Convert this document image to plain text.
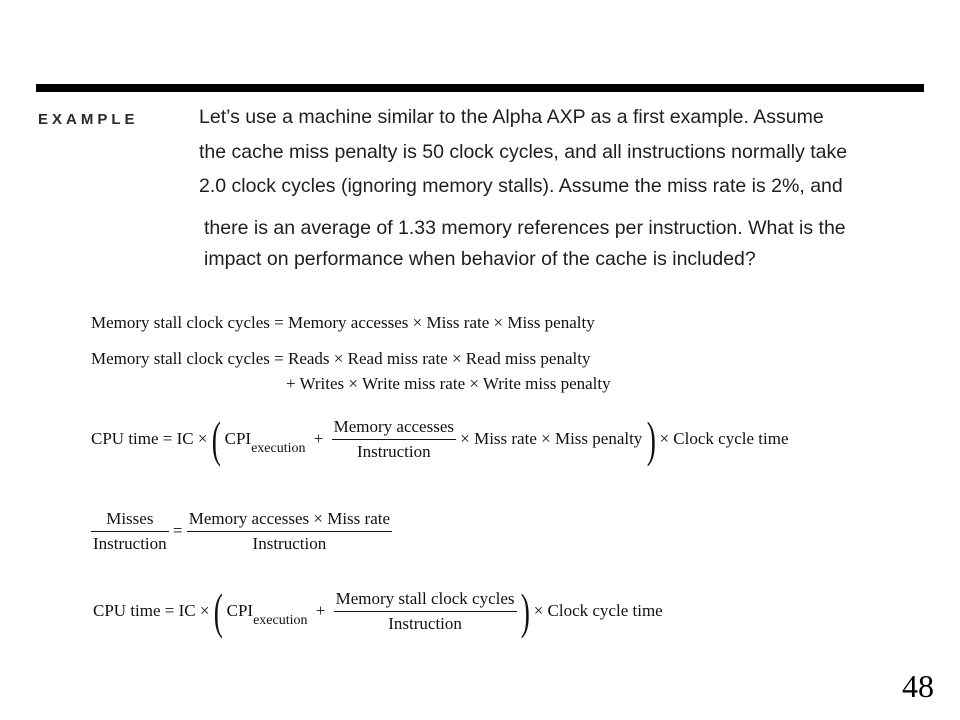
EXAMPLE	Let’s use a machine similar to the Alpha AXP as a first example. Assume
the cache miss penalty is 50 clock cycles, and all instructions normally take
2.0 clock cycles (ignoring memory stalls). Assume the miss rate is 2%, and
there is an average of 1.33 memory references per instruction. What is the
impact on performance when behavior of the cache is included?
Memory stall clock cycles = Memory accesses × Miss rate × Miss penalty
Memory stall clock cycles = Reads × Read miss rate × Read miss penalty
+ Writes × Write miss rate × Write miss penalty
CPU time = IC × ( $CPI_{execution} + \frac{\text{Memory accesses}}{\text{Instruction}}$ × Miss rate × Miss penalty ) × Clock cycle time
$\frac{\text{Misses}}{\text{Instruction}} = \frac{\text{Memory accesses × Miss rate}}{\text{Instruction}}$
CPU time = IC × ( $CPI_{execution} + \frac{\text{Memory stall clock cycles}}{\text{Instruction}}$ ) × Clock cycle time
48
